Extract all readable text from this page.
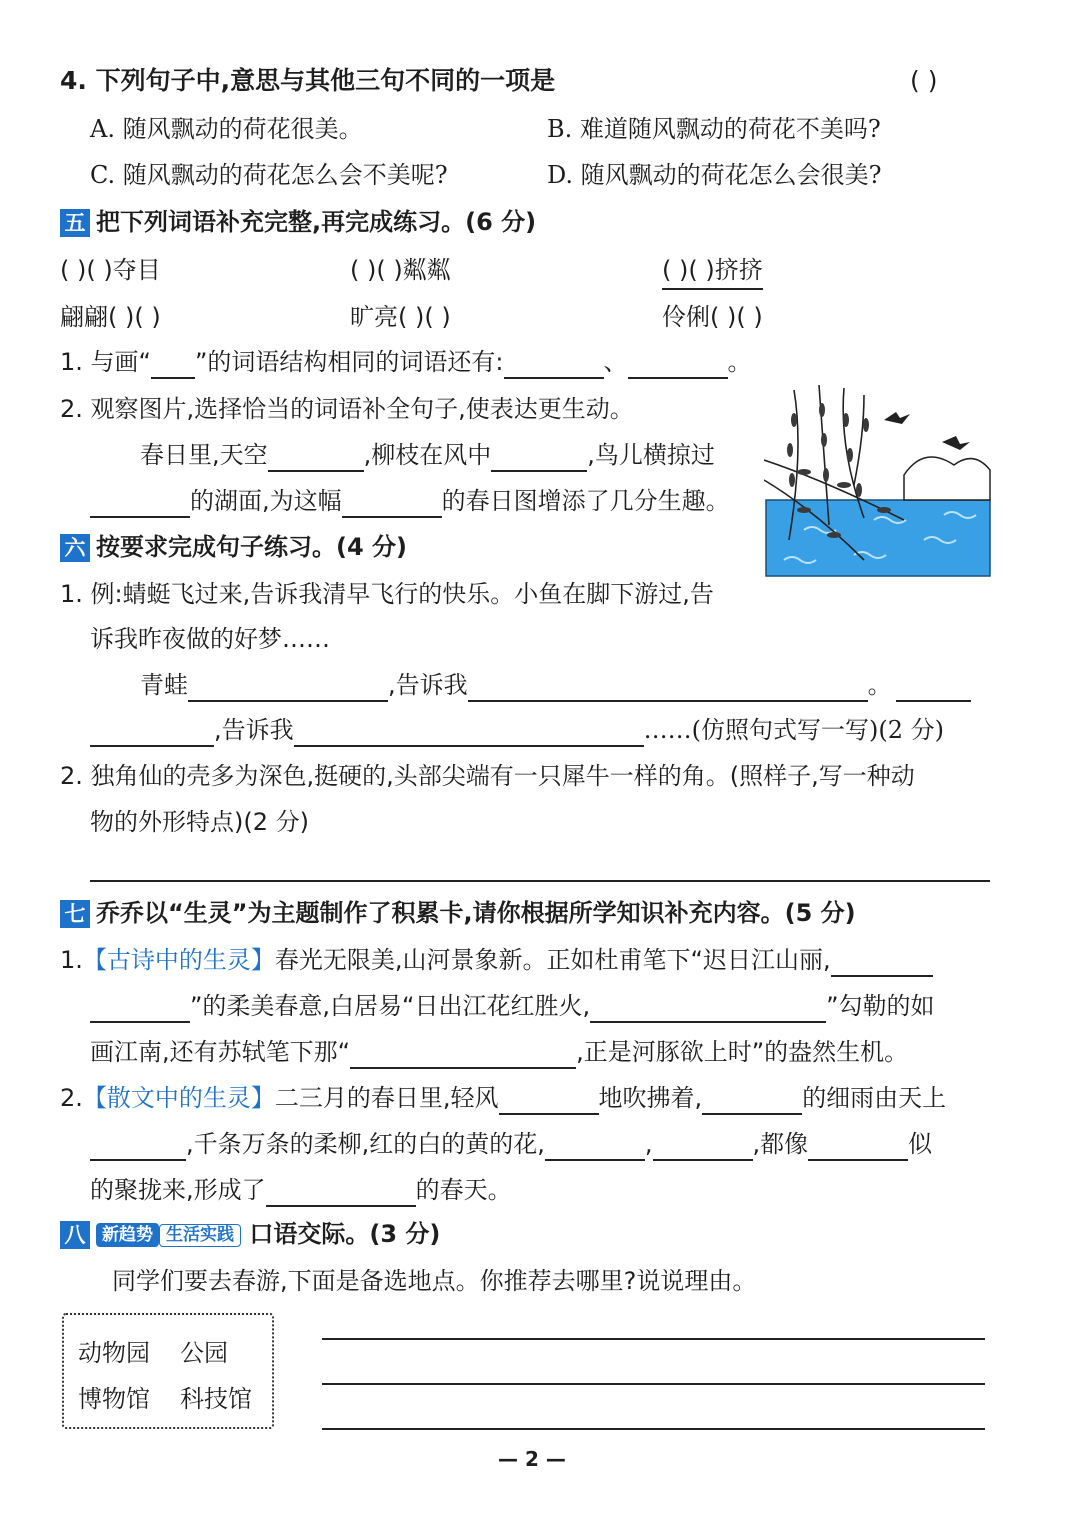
4. 下列句子中,意思与其他三句不同的一项是	( )
A. 随风飘动的荷花很美。	B. 难道随风飘动的荷花不美吗?
C. 随风飘动的荷花怎么会不美呢?	D. 随风飘动的荷花怎么会很美?
五 把下列词语补充完整,再完成练习。(6 分)
( )( )夺目	( )( )粼粼	( )( )挤挤
翩翩( )( )	旷亮( )( )	伶俐( )( )
1. 与画“ ”的词语结构相同的词语还有:	、	。
2. 观察图片,选择恰当的词语补全句子,使表达更生动。
春日里,天空	,柳枝在风中	,鸟儿横掠过
的湖面,为这幅	的春日图增添了几分生趣。
六 按要求完成句子练习。(4 分)
1. 例:蜻蜓飞过来,告诉我清早飞行的快乐。小鱼在脚下游过,告
诉我昨夜做的好梦……
青蛙	,告诉我	。
,告诉我	……(仿照句式写一写)(2 分)
2. 独角仙的壳多为深色,挺硬的,头部尖端有一只犀牛一样的角。(照样子,写一种动
物的外形特点)(2 分)
七 乔乔以“生灵”为主题制作了积累卡,请你根据所学知识补充内容。(5 分)
1.【古诗中的生灵】春光无限美,山河景象新。正如杜甫笔下“迟日江山丽,
”的柔美春意,白居易“日出江花红胜火,	”勾勒的如
画江南,还有苏轼笔下那“	,正是河豚欲上时”的盎然生机。
2.【散文中的生灵】二三月的春日里,轻风	地吹拂着,	的细雨由天上
,千条万条的柔柳,红的白的黄的花,	,	,都像	似
的聚拢来,形成了	的春天。
八 新趋势 生活实践 口语交际。(3 分)
同学们要去春游,下面是备选地点。你推荐去哪里?说说理由。
动物园 公园
博物馆 科技馆
— 2 —
